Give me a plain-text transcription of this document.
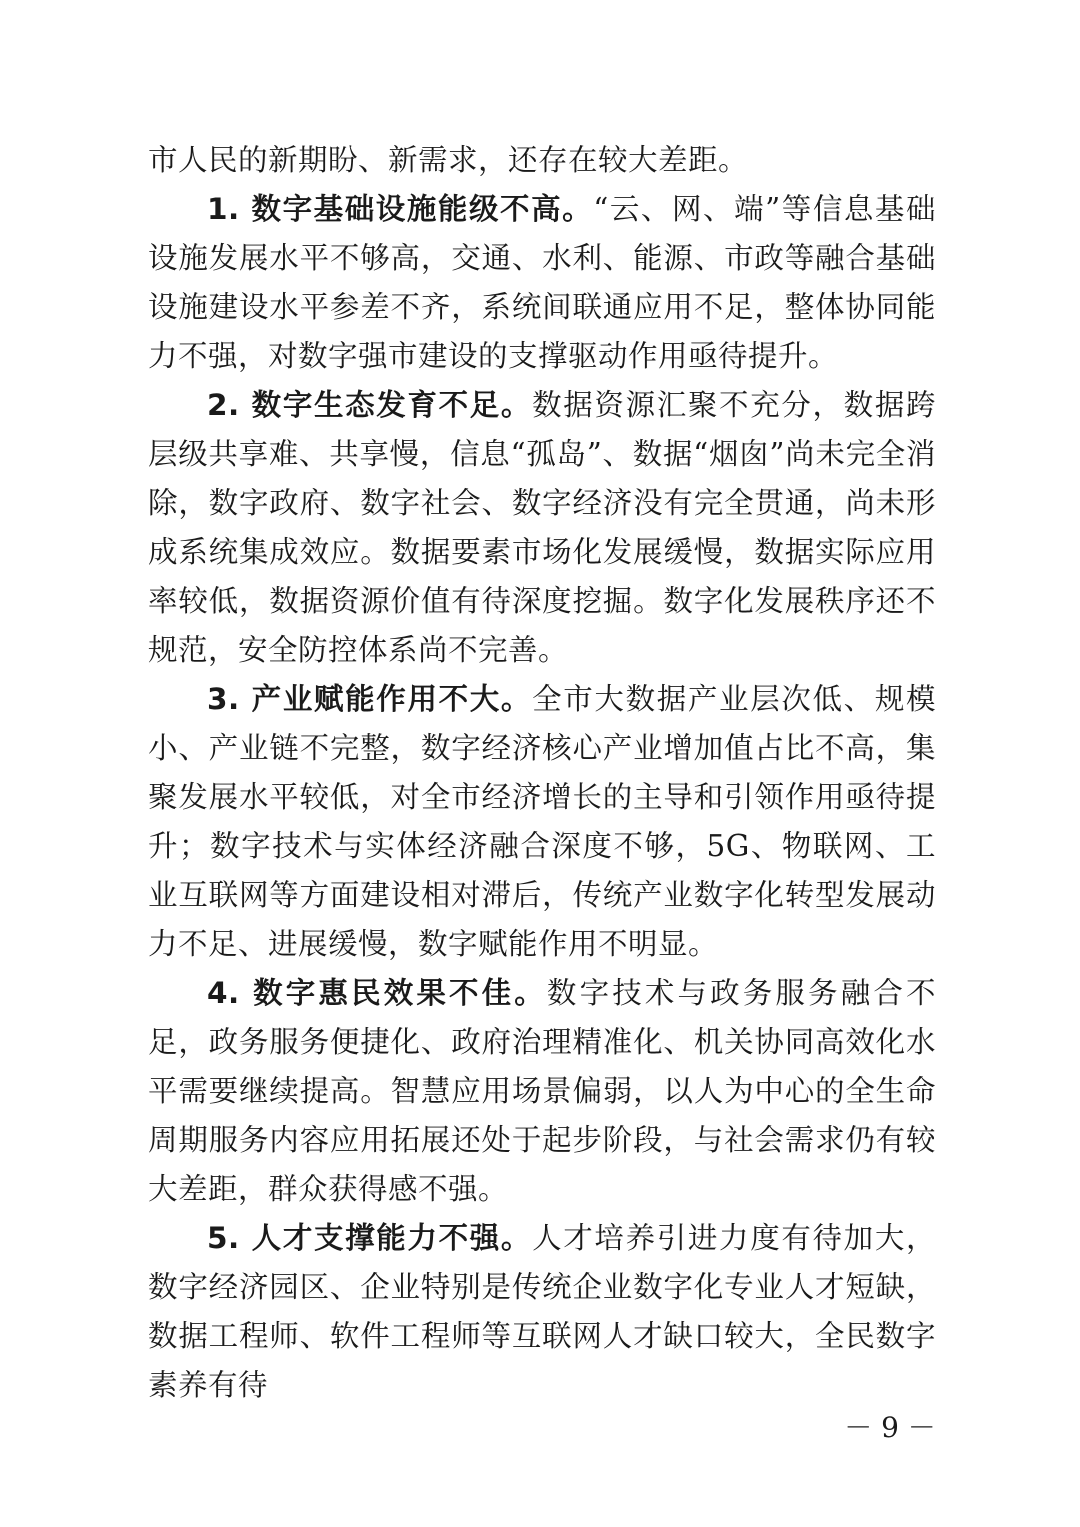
市人民的新期盼、新需求，还存在较大差距。

1. 数字基础设施能级不高。“云、网、端”等信息基础设施发展水平不够高，交通、水利、能源、市政等融合基础设施建设水平参差不齐，系统间联通应用不足，整体协同能力不强，对数字强市建设的支撑驱动作用亟待提升。

2. 数字生态发育不足。数据资源汇聚不充分，数据跨层级共享难、共享慢，信息“孤岛”、数据“烟囱”尚未完全消除，数字政府、数字社会、数字经济没有完全贯通，尚未形成系统集成效应。数据要素市场化发展缓慢，数据实际应用率较低，数据资源价值有待深度挖掘。数字化发展秩序还不规范，安全防控体系尚不完善。

3. 产业赋能作用不大。全市大数据产业层次低、规模小、产业链不完整，数字经济核心产业增加值占比不高，集聚发展水平较低，对全市经济增长的主导和引领作用亟待提升；数字技术与实体经济融合深度不够，5G、物联网、工业互联网等方面建设相对滞后，传统产业数字化转型发展动力不足、进展缓慢，数字赋能作用不明显。

4. 数字惠民效果不佳。数字技术与政务服务融合不足，政务服务便捷化、政府治理精准化、机关协同高效化水平需要继续提高。智慧应用场景偏弱，以人为中心的全生命周期服务内容应用拓展还处于起步阶段，与社会需求仍有较大差距，群众获得感不强。

5. 人才支撑能力不强。人才培养引进力度有待加大，数字经济园区、企业特别是传统企业数字化专业人才短缺，数据工程师、软件工程师等互联网人才缺口较大，全民数字素养有待

－ 9 －
